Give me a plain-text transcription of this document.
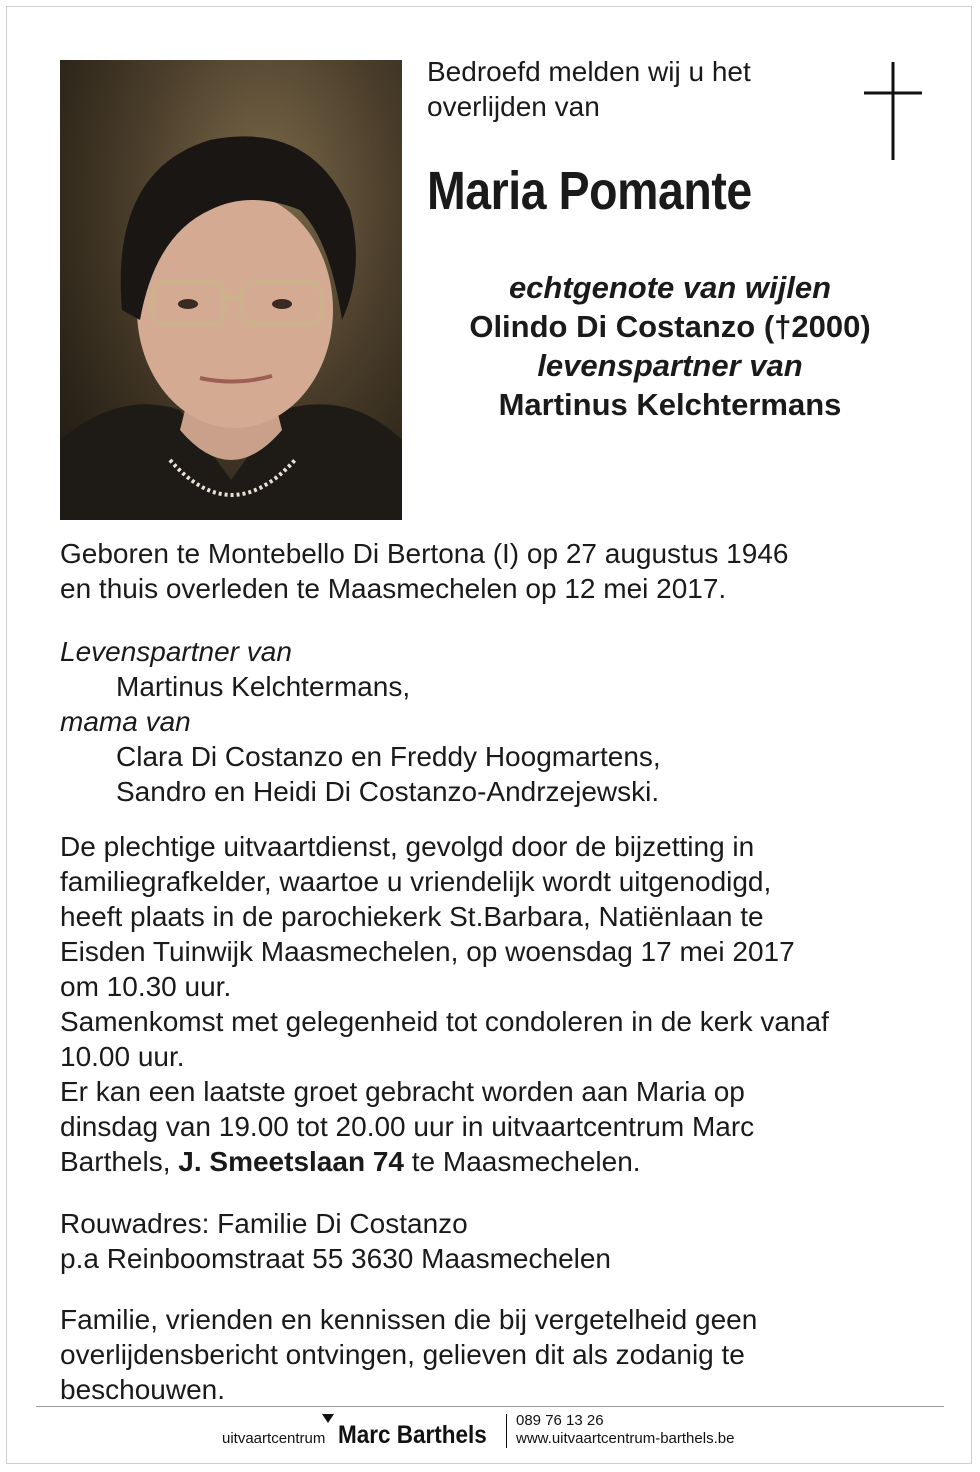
Bedroefd melden wij u het
overlijden van
Maria Pomante
echtgenote van wijlen
Olindo Di Costanzo (†2000)
levenspartner van
Martinus Kelchtermans

Geboren te Montebello Di Bertona (I) op 27 augustus 1946

en thuis overleden te Maasmechelen op 12 mei 2017.

Levenspartner van

Martinus Kelchtermans,

mama van

Clara Di Costanzo en Freddy Hoogmartens,

Sandro en Heidi Di Costanzo-Andrzejewski.

De plechtige uitvaartdienst, gevolgd door de bijzetting in

familiegrafkelder, waartoe u vriendelijk wordt uitgenodigd,

heeft plaats in de parochiekerk St.Barbara, Natiënlaan te

Eisden Tuinwijk Maasmechelen, op woensdag 17 mei 2017

om 10.30 uur.

Samenkomst met gelegenheid tot condoleren in de kerk vanaf

10.00 uur.

Er kan een laatste groet gebracht worden aan Maria op

dinsdag van 19.00 tot 20.00 uur in uitvaartcentrum Marc

Barthels, J. Smeetslaan 74 te Maasmechelen.

Rouwadres: Familie Di Costanzo

p.a Reinboomstraat 55 3630 Maasmechelen

Familie, vrienden en kennissen die bij vergetelheid geen

overlijdensbericht ontvingen, gelieven dit als zodanig te

beschouwen.

uitvaartcentrum Marc Barthels
089 76 13 26
www.uitvaartcentrum-barthels.be
